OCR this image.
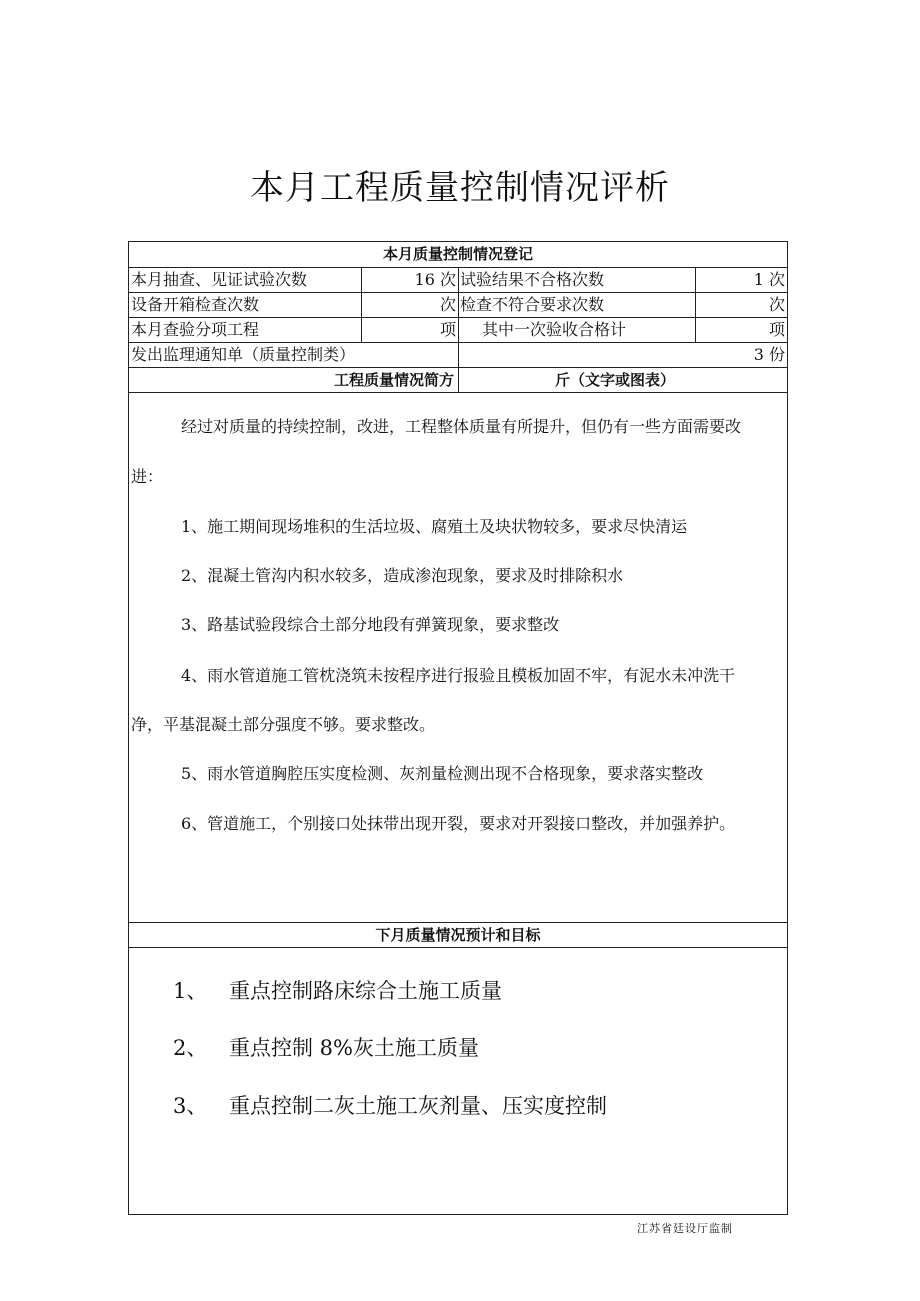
本月工程质量控制情况评析
本月质量控制情况登记
本月抽查、见证试验次数	16 次 试验结果不合格次数	1 次
设备开箱检查次数	次 检查不符合要求次数	次
本月查验分项工程	项 其中一次验收合格计	项
发出监理通知单（质量控制类）	3 份
工程质量情况简方	斤（文字或图表）
经过对质量的持续控制，改进，工程整体质量有所提升，但仍有一些方面需要改
进：
1、施工期间现场堆积的生活垃圾、腐殖土及块状物较多，要求尽快清运
2、混凝土管沟内积水较多，造成渗泡现象，要求及时排除积水
3、路基试验段综合土部分地段有弹簧现象，要求整改
4、雨水管道施工管枕浇筑未按程序进行报验且模板加固不牢，有泥水未冲洗干
净，平基混凝土部分强度不够。要求整改。
5、雨水管道胸腔压实度检测、灰剂量检测出现不合格现象，要求落实整改
6、管道施工，个别接口处抹带出现开裂，要求对开裂接口整改，并加强养护。
下月质量情况预计和目标
1、 重点控制路床综合土施工质量
2、 重点控制 8%灰土施工质量
3、 重点控制二灰土施工灰剂量、压实度控制
江苏省廷设厅监制
